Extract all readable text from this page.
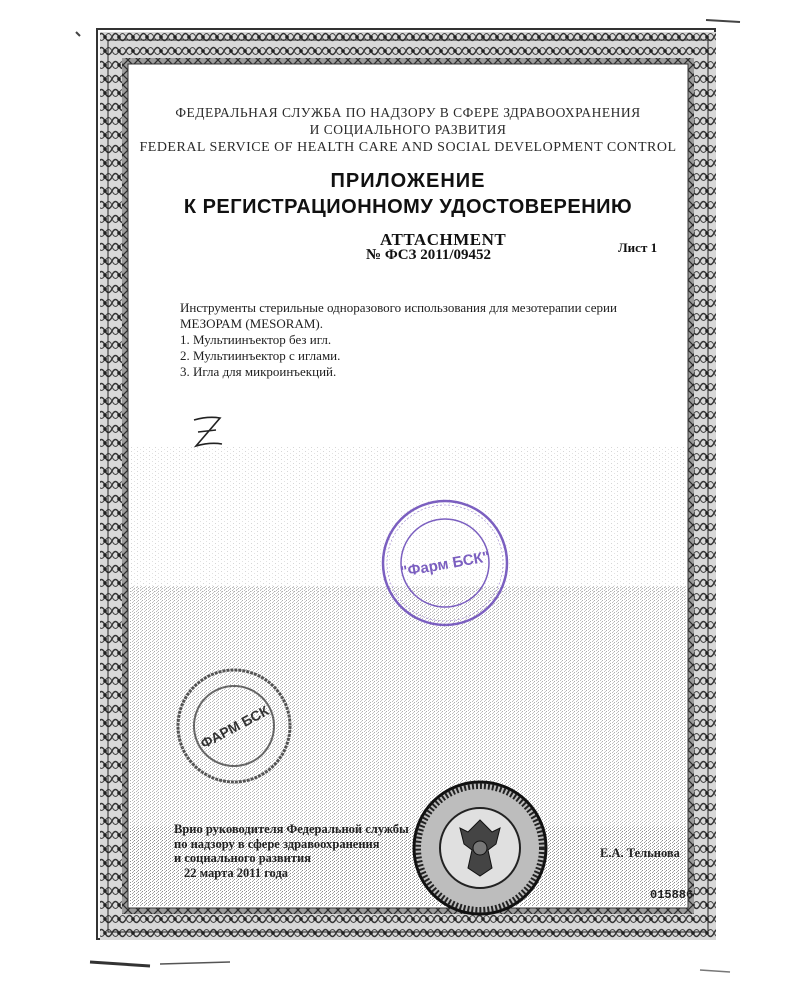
ФЕДЕРАЛЬНАЯ СЛУЖБА ПО НАДЗОРУ В СФЕРЕ ЗДРАВООХРАНЕНИЯ
И СОЦИАЛЬНОГО РАЗВИТИЯ
FEDERAL SERVICE OF HEALTH CARE AND SOCIAL DEVELOPMENT CONTROL
ПРИЛОЖЕНИЕ
К РЕГИСТРАЦИОННОМУ УДОСТОВЕРЕНИЮ
ATTACHMENT
№ ФСЗ 2011/09452	Лист 1

Инструменты стерильные одноразового использования для мезотерапии серии МЕЗОРАМ (MESORAM).

1. Мультиинъектор без игл.

2. Мультиинъектор с иглами.

3. Игла для микроинъекций.

"Фарм БСК"
ФАРМ БСК
Врио руководителя Федеральной службы
по надзору в сфере здравоохранения
и социального развития
22 марта 2011 года
Е.А. Тельнова
015886
